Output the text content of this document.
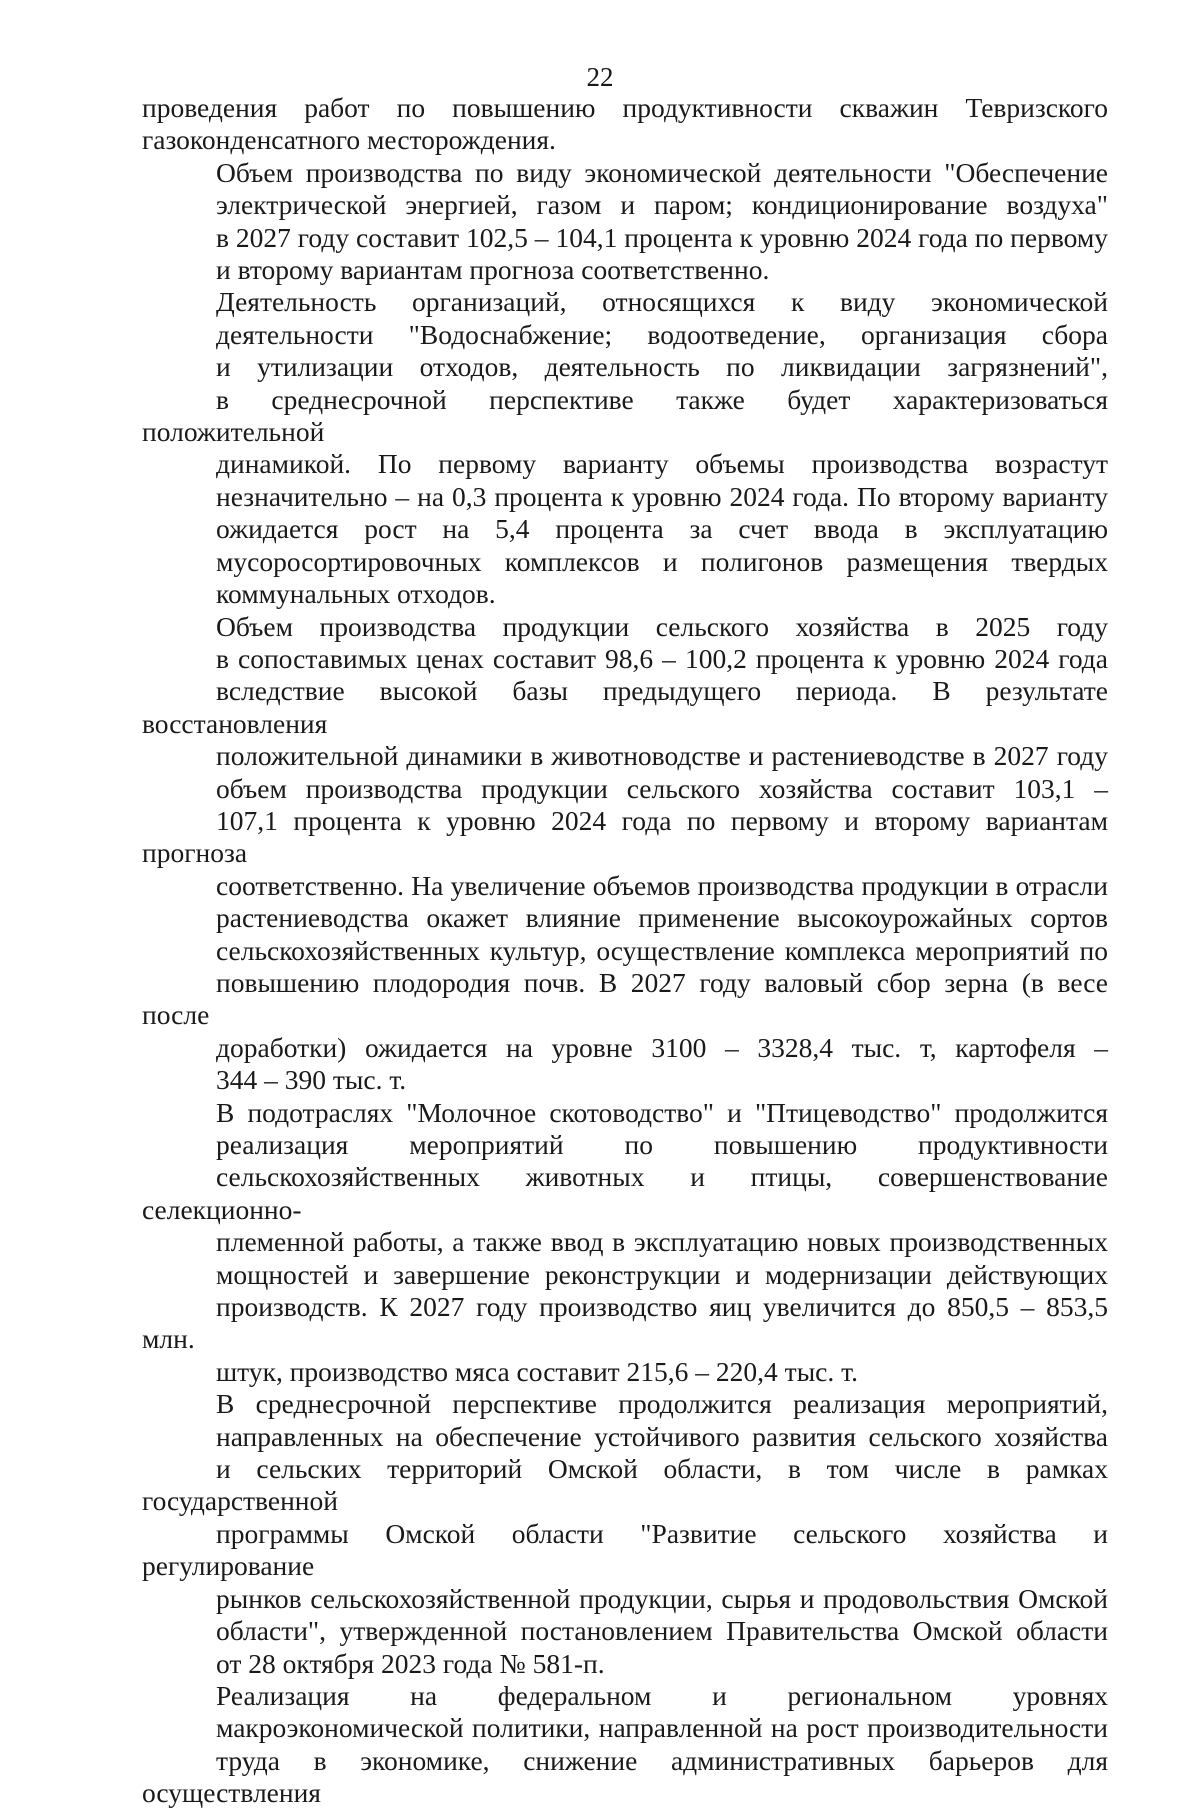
22

проведения работ по повышению продуктивности скважин Тевризского
газоконденсатного месторождения.

Объем производства по виду экономической деятельности "Обеспечение
электрической энергией, газом и паром; кондиционирование воздуха"
в 2027 году составит 102,5 – 104,1 процента к уровню 2024 года по первому
и второму вариантам прогноза соответственно.

Деятельность организаций, относящихся к виду экономической
деятельности "Водоснабжение; водоотведение, организация сбора
и утилизации отходов, деятельность по ликвидации загрязнений",
в среднесрочной перспективе также будет характеризоваться положительной
динамикой. По первому варианту объемы производства возрастут
незначительно – на 0,3 процента к уровню 2024 года. По второму варианту
ожидается рост на 5,4 процента за счет ввода в эксплуатацию
мусоросортировочных комплексов и полигонов размещения твердых
коммунальных отходов.

Объем производства продукции сельского хозяйства в 2025 году
в сопоставимых ценах составит 98,6 – 100,2 процента к уровню 2024 года
вследствие высокой базы предыдущего периода. В результате восстановления
положительной динамики в животноводстве и растениеводстве в 2027 году
объем производства продукции сельского хозяйства составит 103,1 –
107,1 процента к уровню 2024 года по первому и второму вариантам прогноза
соответственно. На увеличение объемов производства продукции в отрасли
растениеводства окажет влияние применение высокоурожайных сортов
сельскохозяйственных культур, осуществление комплекса мероприятий по
повышению плодородия почв. В 2027 году валовый сбор зерна (в весе после
доработки) ожидается на уровне 3100 – 3328,4 тыс. т, картофеля –
344 – 390 тыс. т.

В подотраслях "Молочное скотоводство" и "Птицеводство" продолжится
реализация мероприятий по повышению продуктивности
сельскохозяйственных животных и птицы, совершенствование селекционно-
племенной работы, а также ввод в эксплуатацию новых производственных
мощностей и завершение реконструкции и модернизации действующих
производств. К 2027 году производство яиц увеличится до 850,5 – 853,5 млн.
штук, производство мяса составит 215,6 – 220,4 тыс. т.

В среднесрочной перспективе продолжится реализация мероприятий,
направленных на обеспечение устойчивого развития сельского хозяйства
и сельских территорий Омской области, в том числе в рамках государственной
программы Омской области "Развитие сельского хозяйства и регулирование
рынков сельскохозяйственной продукции, сырья и продовольствия Омской
области", утвержденной постановлением Правительства Омской области
от 28 октября 2023 года № 581-п.

Реализация на федеральном и региональном уровнях
макроэкономической политики, направленной на рост производительности
труда в экономике, снижение административных барьеров для осуществления
